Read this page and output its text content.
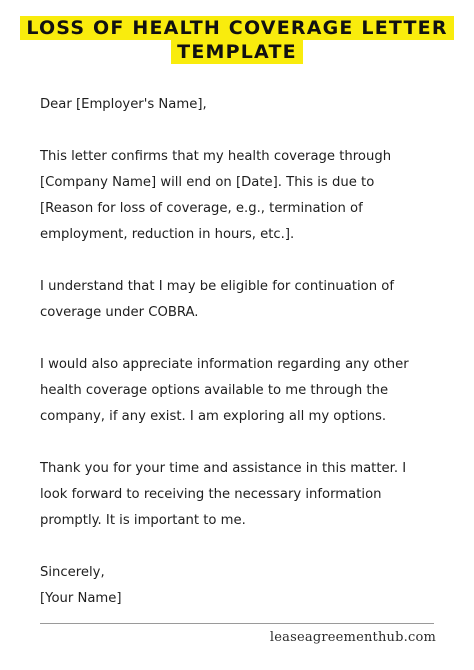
LOSS OF HEALTH COVERAGE LETTER
TEMPLATE

Dear [Employer's Name],

This letter confirms that my health coverage through
[Company Name] will end on [Date]. This is due to
[Reason for loss of coverage, e.g., termination of
employment, reduction in hours, etc.].

I understand that I may be eligible for continuation of
coverage under COBRA.

I would also appreciate information regarding any other
health coverage options available to me through the
company, if any exist. I am exploring all my options.

Thank you for your time and assistance in this matter. I
look forward to receiving the necessary information
promptly. It is important to me.

Sincerely,
[Your Name]
leaseagreementhub.com
